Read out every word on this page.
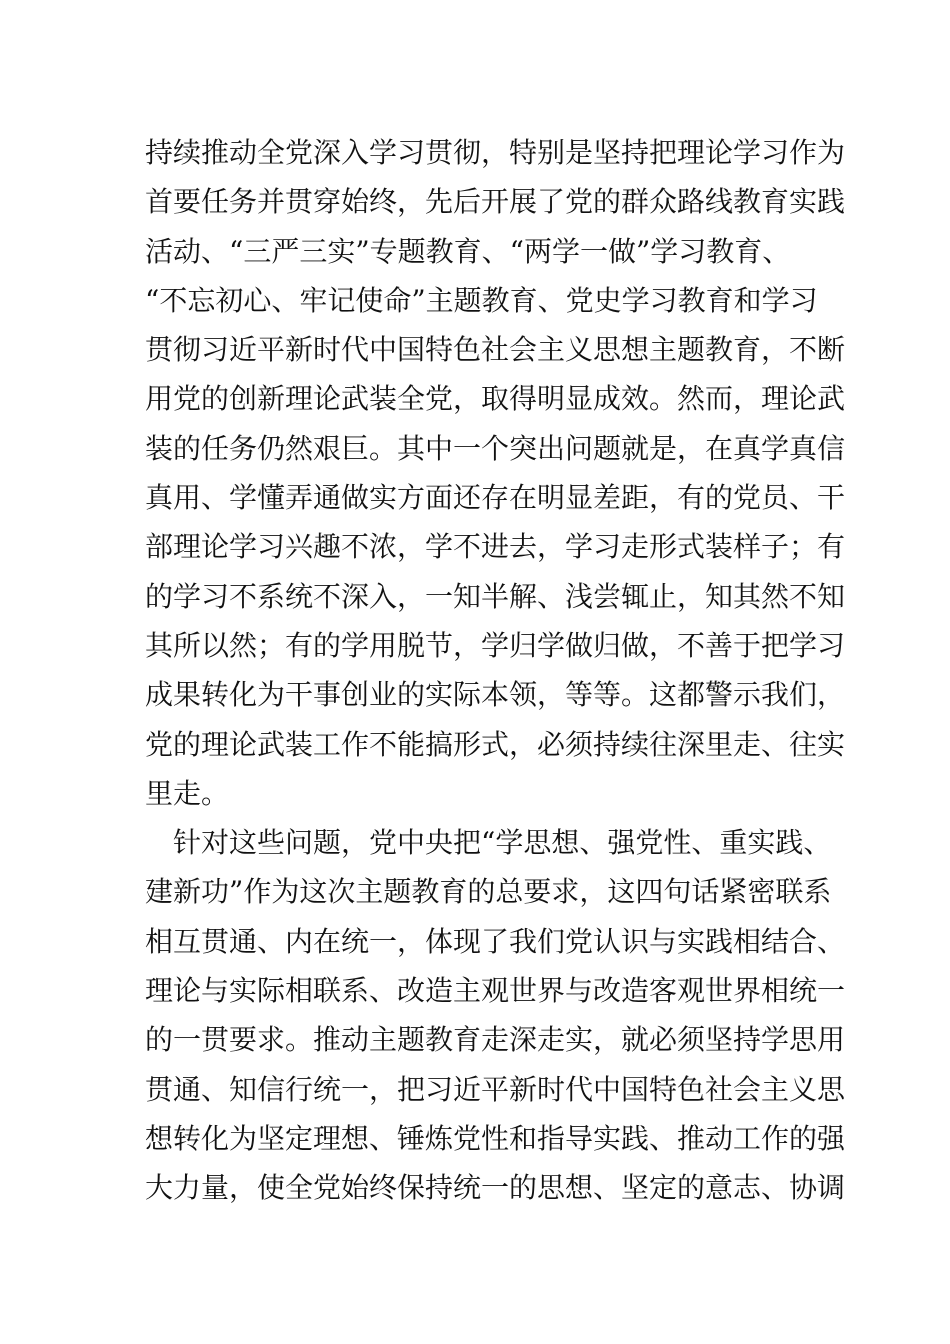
持续推动全党深入学习贯彻，特别是坚持把理论学习作为
首要任务并贯穿始终，先后开展了党的群众路线教育实践
活动、“三严三实”专题教育、“两学一做”学习教育、
“不忘初心、牢记使命”主题教育、党史学习教育和学习
贯彻习近平新时代中国特色社会主义思想主题教育，不断
用党的创新理论武装全党，取得明显成效。然而，理论武
装的任务仍然艰巨。其中一个突出问题就是，在真学真信
真用、学懂弄通做实方面还存在明显差距，有的党员、干
部理论学习兴趣不浓，学不进去，学习走形式装样子；有
的学习不系统不深入，一知半解、浅尝辄止，知其然不知
其所以然；有的学用脱节，学归学做归做，不善于把学习
成果转化为干事创业的实际本领，等等。这都警示我们，
党的理论武装工作不能搞形式，必须持续往深里走、往实
里走。
　针对这些问题，党中央把“学思想、强党性、重实践、
建新功”作为这次主题教育的总要求，这四句话紧密联系
相互贯通、内在统一，体现了我们党认识与实践相结合、
理论与实际相联系、改造主观世界与改造客观世界相统一
的一贯要求。推动主题教育走深走实，就必须坚持学思用
贯通、知信行统一，把习近平新时代中国特色社会主义思
想转化为坚定理想、锤炼党性和指导实践、推动工作的强
大力量，使全党始终保持统一的思想、坚定的意志、协调
